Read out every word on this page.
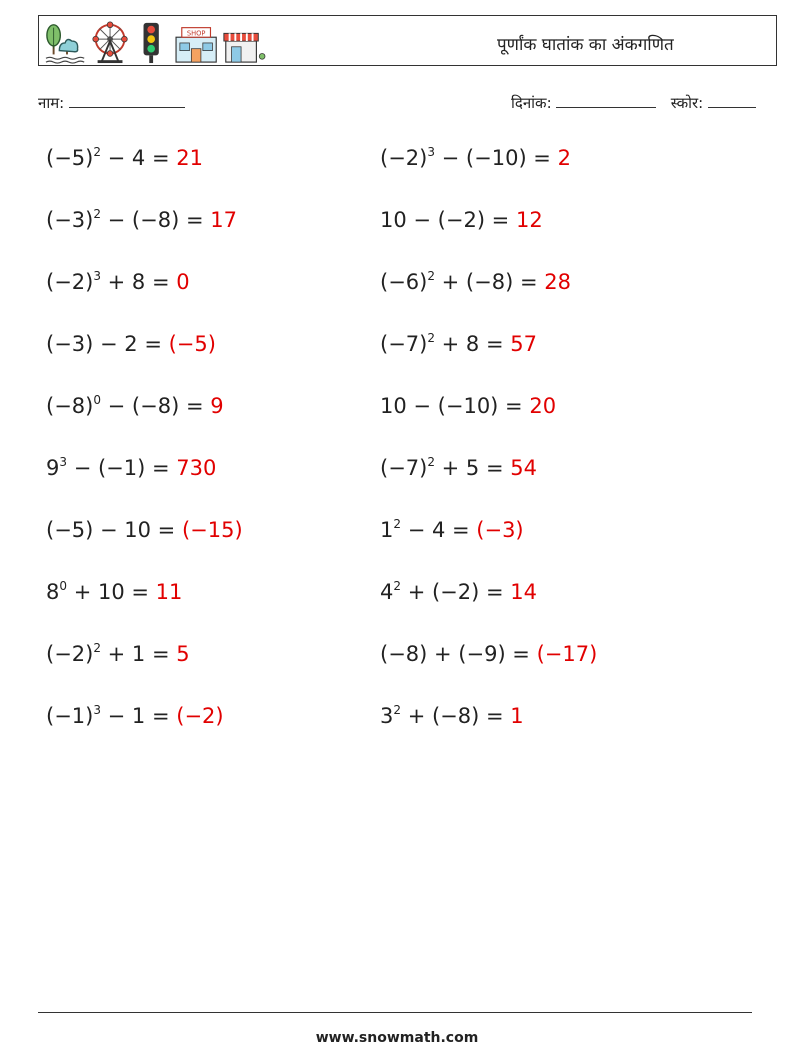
SHOP
पूर्णांक घातांक का अंकगणित
नाम:	दिनांक:	स्कोर:
$(-5)^2 - 4 = 21$	$(-2)^3 - (-10) = 2$
$(-3)^2 - (-8) = 17$	10 − (−2) = 12
$(-2)^3 + 8 = 0$	$(-6)^2 + (-8) = 28$
(−3) − 2 = (−5)	$(-7)^2 + 8 = 57$
$(-8)^0 - (-8) = 9$	10 − (−10) = 20
$9^3 - (-1) = 730$	$(-7)^2 + 5 = 54$
(−5) − 10 = (−15)	$1^2 - 4 = (-3)$
$8^0 + 10 = 11$	$4^2 + (-2) = 14$
$(-2)^2 + 1 = 5$	(−8) + (−9) = (−17)
$(-1)^3 - 1 = (-2)$	$3^2 + (-8) = 1$
www.snowmath.com
